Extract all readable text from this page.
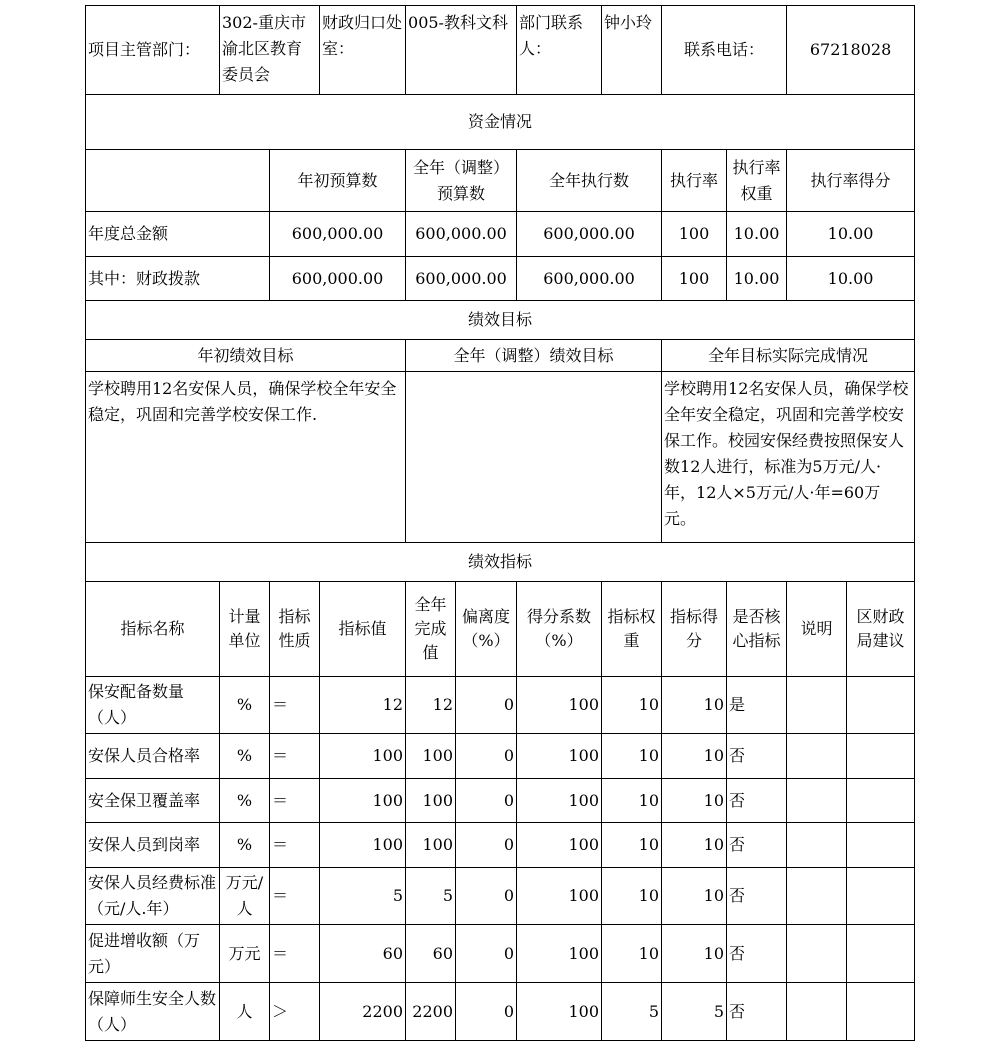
项目主管部门：	302-重庆市渝北区教育委员会		财政归口处室：	005-教科文科		部门联系人：	钟小玲	联系电话：		67218028	
资金情况											
		年初预算数		全年（调整）预算数		全年执行数		执行率	执行率权重	执行率得分	
年度总金额		600,000.00		600,000.00		600,000.00		100	10.00	10.00	
其中：财政拨款		600,000.00		600,000.00		600,000.00		100	10.00	10.00	
绩效目标											
年初绩效目标				全年（调整）绩效目标				全年目标实际完成情况			
学校聘用12名安保人员，确保学校全年安全稳定，巩固和完善学校安保工作.								学校聘用12名安保人员，确保学校全年安全稳定，巩固和完善学校安保工作。校园安保经费按照保安人数12人进行，标准为5万元/人·年，12人×5万元/人·年=60万元。			
绩效指标											
指标名称	计量单位	指标性质	指标值	全年完成值	偏离度（%）	得分系数（%）	指标权重	指标得分	是否核心指标	说明	区财政局建议
保安配备数量（人）	%	＝	12	12	0	100	10	10	是		
安保人员合格率	%	＝	100	100	0	100	10	10	否		
安全保卫覆盖率	%	＝	100	100	0	100	10	10	否		
安保人员到岗率	%	＝	100	100	0	100	10	10	否		
安保人员经费标准（元/人.年）	万元/人	＝	5	5	0	100	10	10	否		
促进增收额（万元）	万元	＝	60	60	0	100	10	10	否		
保障师生安全人数（人）	人	＞	2200	2200	0	100	5	5	否		
